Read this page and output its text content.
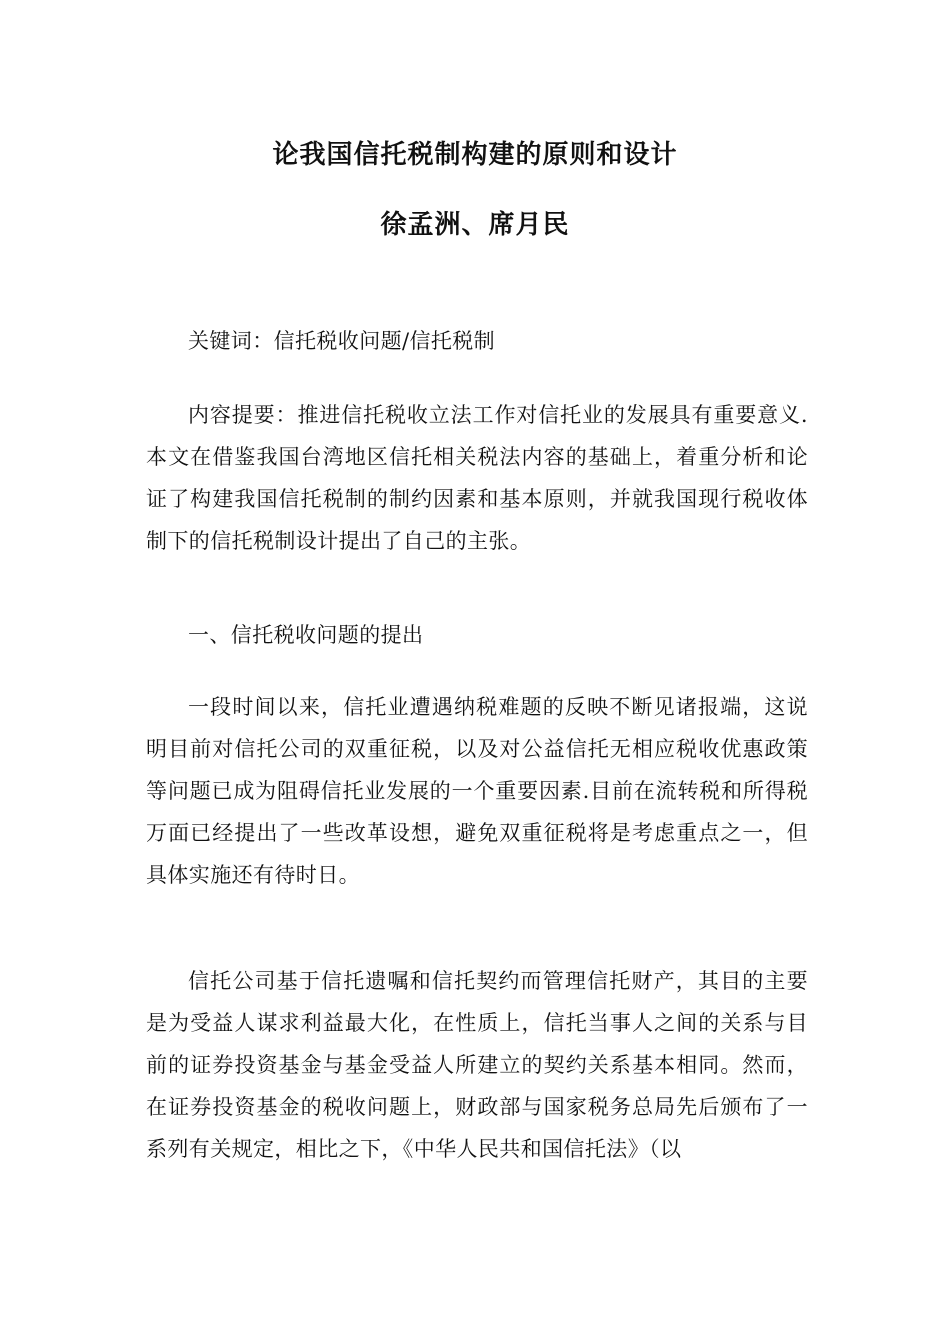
论我国信托税制构建的原则和设计
徐孟洲、席月民

关键词：信托税收问题/信托税制

内容提要：推进信托税收立法工作对信托业的发展具有重要意义.本文在借鉴我国台湾地区信托相关税法内容的基础上，着重分析和论证了构建我国信托税制的制约因素和基本原则，并就我国现行税收体制下的信托税制设计提出了自己的主张。

一、信托税收问题的提出

一段时间以来，信托业遭遇纳税难题的反映不断见诸报端，这说明目前对信托公司的双重征税，以及对公益信托无相应税收优惠政策等问题已成为阻碍信托业发展的一个重要因素.目前在流转税和所得税万面已经提出了一些改革设想，避免双重征税将是考虑重点之一，但具体实施还有待时日。

信托公司基于信托遗嘱和信托契约而管理信托财产，其目的主要是为受益人谋求利益最大化，在性质上，信托当事人之间的关系与目前的证券投资基金与基金受益人所建立的契约关系基本相同。然而，在证券投资基金的税收问题上，财政部与国家税务总局先后颁布了一系列有关规定，相比之下，《中华人民共和国信托法》（以
